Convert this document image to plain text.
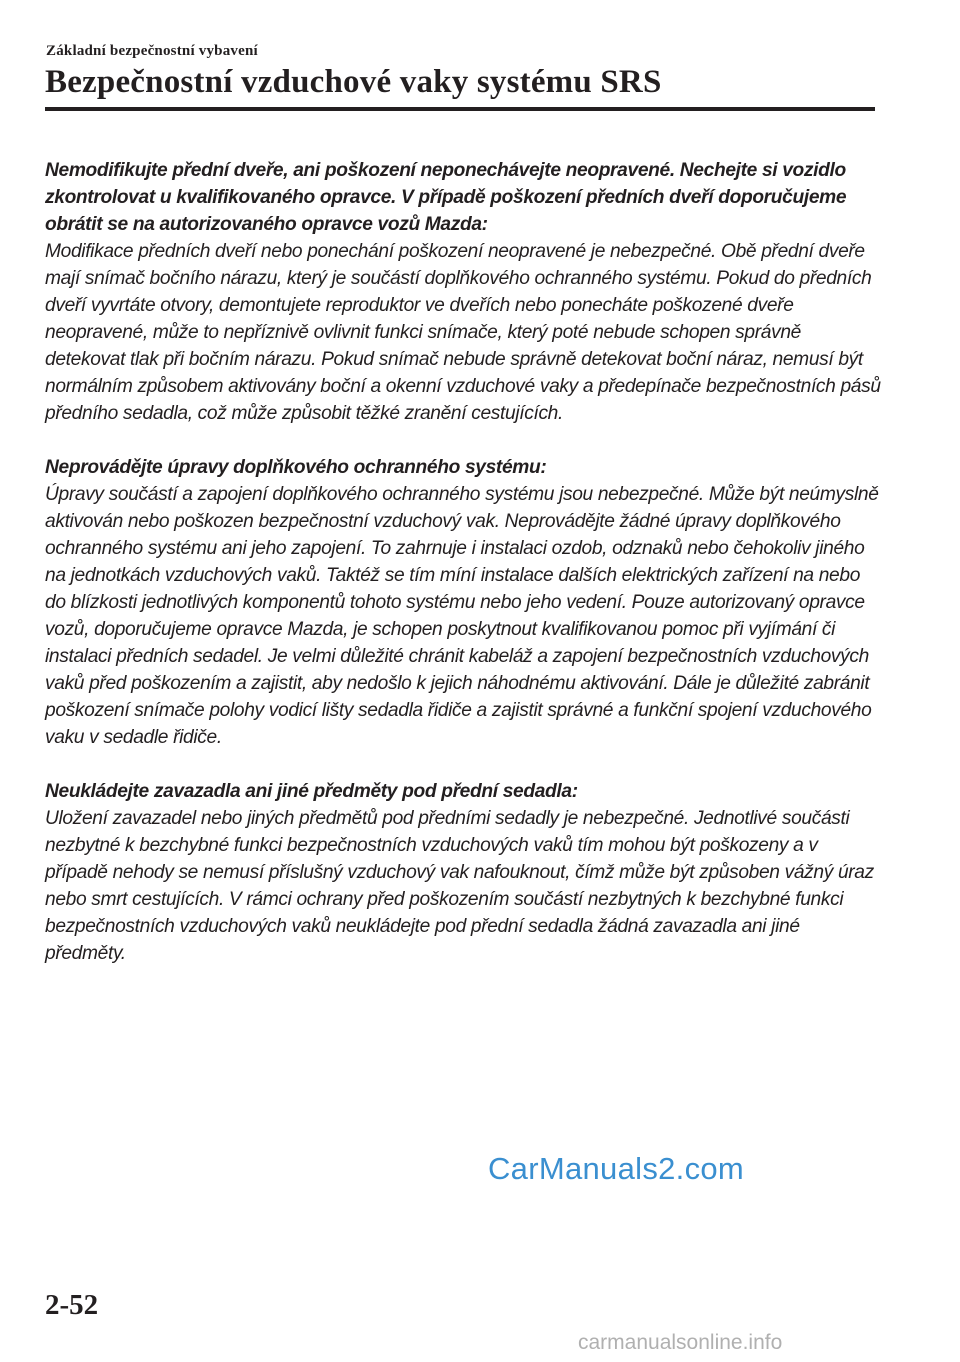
Základní bezpečnostní vybavení
Bezpečnostní vzduchové vaky systému SRS

Nemodifikujte přední dveře, ani poškození neponechávejte neopravené. Nechejte si vozidlo zkontrolovat u kvalifikovaného opravce. V případě poškození předních dveří doporučujeme obrátit se na autorizovaného opravce vozů Mazda:

Modifikace předních dveří nebo ponechání poškození neopravené je nebezpečné. Obě přední dveře mají snímač bočního nárazu, který je součástí doplňkového ochranného systému. Pokud do předních dveří vyvrtáte otvory, demontujete reproduktor ve dveřích nebo ponecháte poškozené dveře neopravené, může to nepříznivě ovlivnit funkci snímače, který poté nebude schopen správně detekovat tlak při bočním nárazu. Pokud snímač nebude správně detekovat boční náraz, nemusí být normálním způsobem aktivovány boční a okenní vzduchové vaky a předepínače bezpečnostních pásů předního sedadla, což může způsobit těžké zranění cestujících.

Neprovádějte úpravy doplňkového ochranného systému:

Úpravy součástí a zapojení doplňkového ochranného systému jsou nebezpečné. Může být neúmyslně aktivován nebo poškozen bezpečnostní vzduchový vak. Neprovádějte žádné úpravy doplňkového ochranného systému ani jeho zapojení. To zahrnuje i instalaci ozdob, odznaků nebo čehokoliv jiného na jednotkách vzduchových vaků. Taktéž se tím míní instalace dalších elektrických zařízení na nebo do blízkosti jednotlivých komponentů tohoto systému nebo jeho vedení. Pouze autorizovaný opravce vozů, doporučujeme opravce Mazda, je schopen poskytnout kvalifikovanou pomoc při vyjímání či instalaci předních sedadel. Je velmi důležité chránit kabeláž a zapojení bezpečnostních vzduchových vaků před poškozením a zajistit, aby nedošlo k jejich náhodnému aktivování. Dále je důležité zabránit poškození snímače polohy vodicí lišty sedadla řidiče a zajistit správné a funkční spojení vzduchového vaku v sedadle řidiče.

Neukládejte zavazadla ani jiné předměty pod přední sedadla:

Uložení zavazadel nebo jiných předmětů pod předními sedadly je nebezpečné. Jednotlivé součásti nezbytné k bezchybné funkci bezpečnostních vzduchových vaků tím mohou být poškozeny a v případě nehody se nemusí příslušný vzduchový vak nafouknout, čímž může být způsoben vážný úraz nebo smrt cestujících. V rámci ochrany před poškozením součástí nezbytných k bezchybné funkci bezpečnostních vzduchových vaků neukládejte pod přední sedadla žádná zavazadla ani jiné předměty.

CarManuals2.com
2-52
carmanualsonline.info
